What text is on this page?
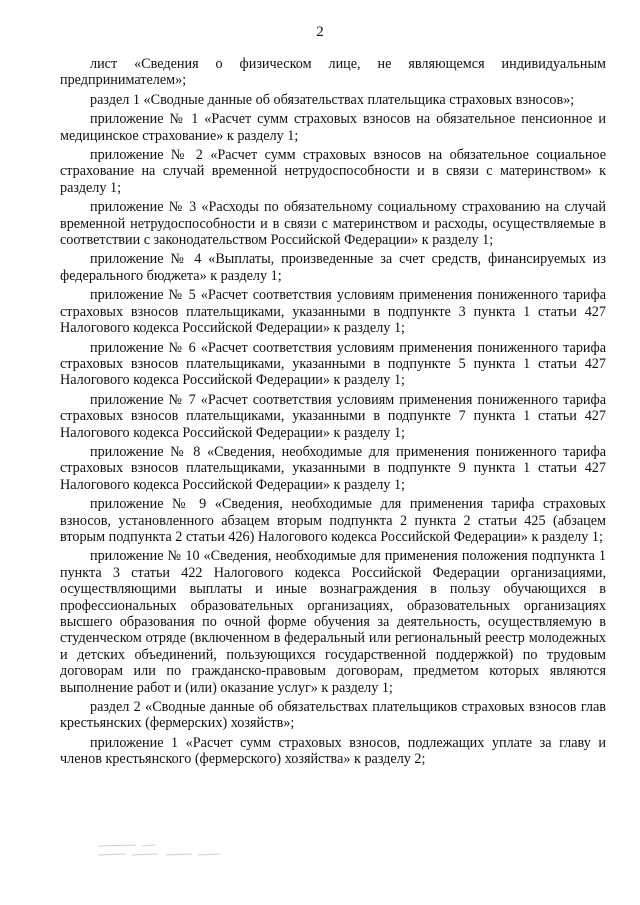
2

лист «Сведения о физическом лице, не являющемся индивидуальным предпринимателем»;

раздел 1 «Сводные данные об обязательствах плательщика страховых взносов»;

приложение № 1 «Расчет сумм страховых взносов на обязательное пенсионное и медицинское страхование» к разделу 1;

приложение № 2 «Расчет сумм страховых взносов на обязательное социальное страхование на случай временной нетрудоспособности и в связи с материнством» к разделу 1;

приложение № 3 «Расходы по обязательному социальному страхованию на случай временной нетрудоспособности и в связи с материнством и расходы, осуществляемые в соответствии с законодательством Российской Федерации» к разделу 1;

приложение № 4 «Выплаты, произведенные за счет средств, финансируемых из федерального бюджета» к разделу 1;

приложение № 5 «Расчет соответствия условиям применения пониженного тарифа страховых взносов плательщиками, указанными в подпункте 3 пункта 1 статьи 427 Налогового кодекса Российской Федерации» к разделу 1;

приложение № 6 «Расчет соответствия условиям применения пониженного тарифа страховых взносов плательщиками, указанными в подпункте 5 пункта 1 статьи 427 Налогового кодекса Российской Федерации» к разделу 1;

приложение № 7 «Расчет соответствия условиям применения пониженного тарифа страховых взносов плательщиками, указанными в подпункте 7 пункта 1 статьи 427 Налогового кодекса Российской Федерации» к разделу 1;

приложение № 8 «Сведения, необходимые для применения пониженного тарифа страховых взносов плательщиками, указанными в подпункте 9 пункта 1 статьи 427 Налогового кодекса Российской Федерации» к разделу 1;

приложение № 9 «Сведения, необходимые для применения тарифа страховых взносов, установленного абзацем вторым подпункта 2 пункта 2 статьи 425 (абзацем вторым подпункта 2 статьи 426) Налогового кодекса Российской Федерации» к разделу 1;

приложение № 10 «Сведения, необходимые для применения положения подпункта 1 пункта 3 статьи 422 Налогового кодекса Российской Федерации организациями, осуществляющими выплаты и иные вознаграждения в пользу обучающихся в профессиональных образовательных организациях, образовательных организациях высшего образования по очной форме обучения за деятельность, осуществляемую в студенческом отряде (включенном в федеральный или региональный реестр молодежных и детских объединений, пользующихся государственной поддержкой) по трудовым договорам или по гражданско-правовым договорам, предметом которых являются выполнение работ и (или) оказание услуг» к разделу 1;

раздел 2 «Сводные данные об обязательствах плательщиков страховых взносов глав крестьянских (фермерских) хозяйств»;

приложение 1 «Расчет сумм страховых взносов, подлежащих уплате за главу и членов крестьянского (фермерского) хозяйства» к разделу 2;
